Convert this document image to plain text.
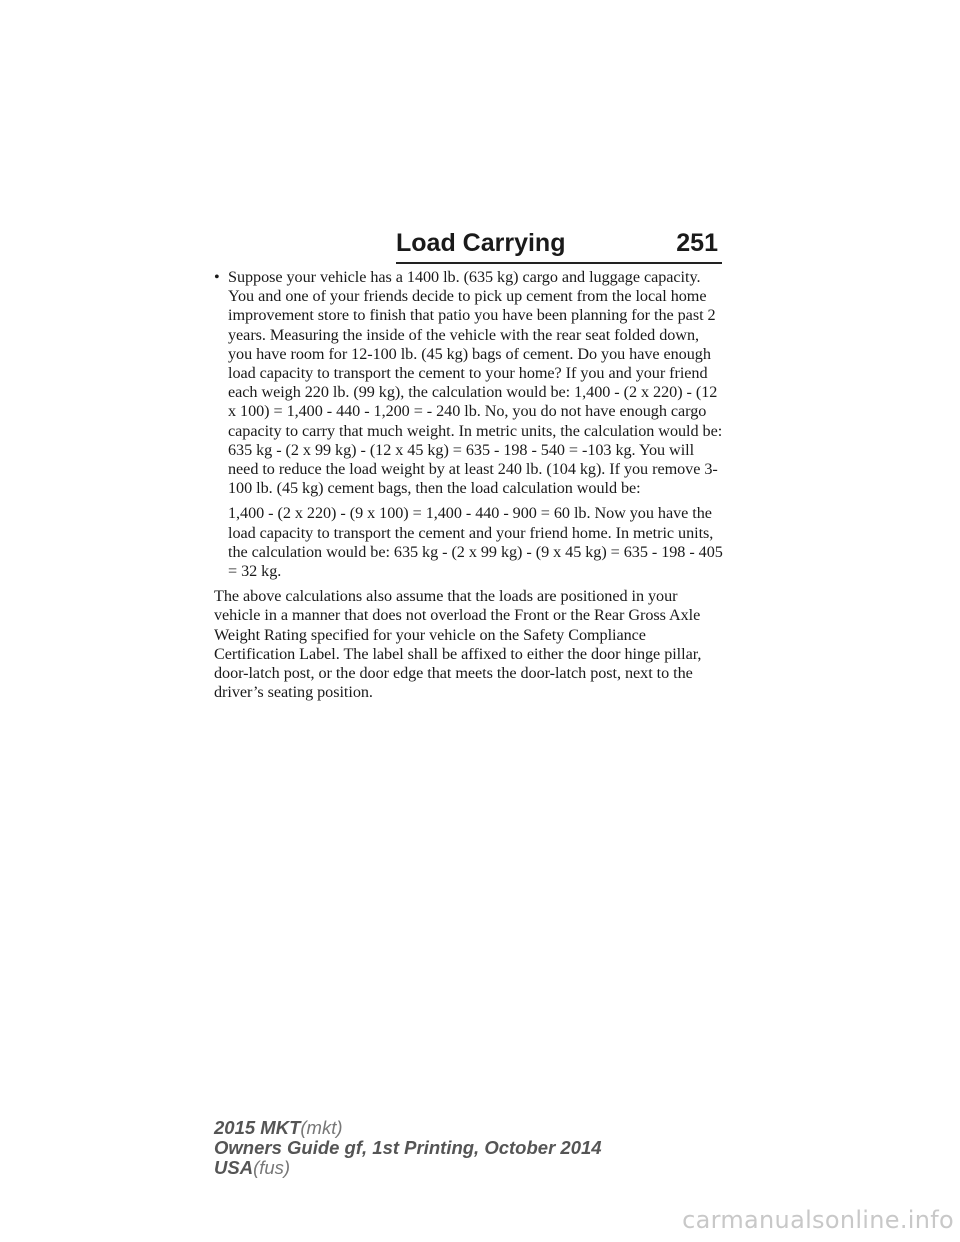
Load Carrying	251
• Suppose your vehicle has a 1400 lb. (635 kg) cargo and luggage capacity. You and one of your friends decide to pick up cement from the local home improvement store to finish that patio you have been planning for the past 2 years. Measuring the inside of the vehicle with the rear seat folded down, you have room for 12-100 lb. (45 kg) bags of cement. Do you have enough load capacity to transport the cement to your home? If you and your friend each weigh 220 lb. (99 kg), the calculation would be: 1,400 - (2 x 220) - (12 x 100) = 1,400 - 440 - 1,200 = - 240 lb. No, you do not have enough cargo capacity to carry that much weight. In metric units, the calculation would be: 635 kg - (2 x 99 kg) - (12 x 45 kg) = 635 - 198 - 540 = -103 kg. You will need to reduce the load weight by at least 240 lb. (104 kg). If you remove 3-100 lb. (45 kg) cement bags, then the load calculation would be:

1,400 - (2 x 220) - (9 x 100) = 1,400 - 440 - 900 = 60 lb. Now you have the load capacity to transport the cement and your friend home. In metric units, the calculation would be: 635 kg - (2 x 99 kg) - (9 x 45 kg) = 635 - 198 - 405 = 32 kg.

The above calculations also assume that the loads are positioned in your vehicle in a manner that does not overload the Front or the Rear Gross Axle Weight Rating specified for your vehicle on the Safety Compliance Certification Label. The label shall be affixed to either the door hinge pillar, door-latch post, or the door edge that meets the door-latch post, next to the driver’s seating position.

2015 MKT(mkt)
Owners Guide gf, 1st Printing, October 2014
USA(fus)
carmanualsonline.info
